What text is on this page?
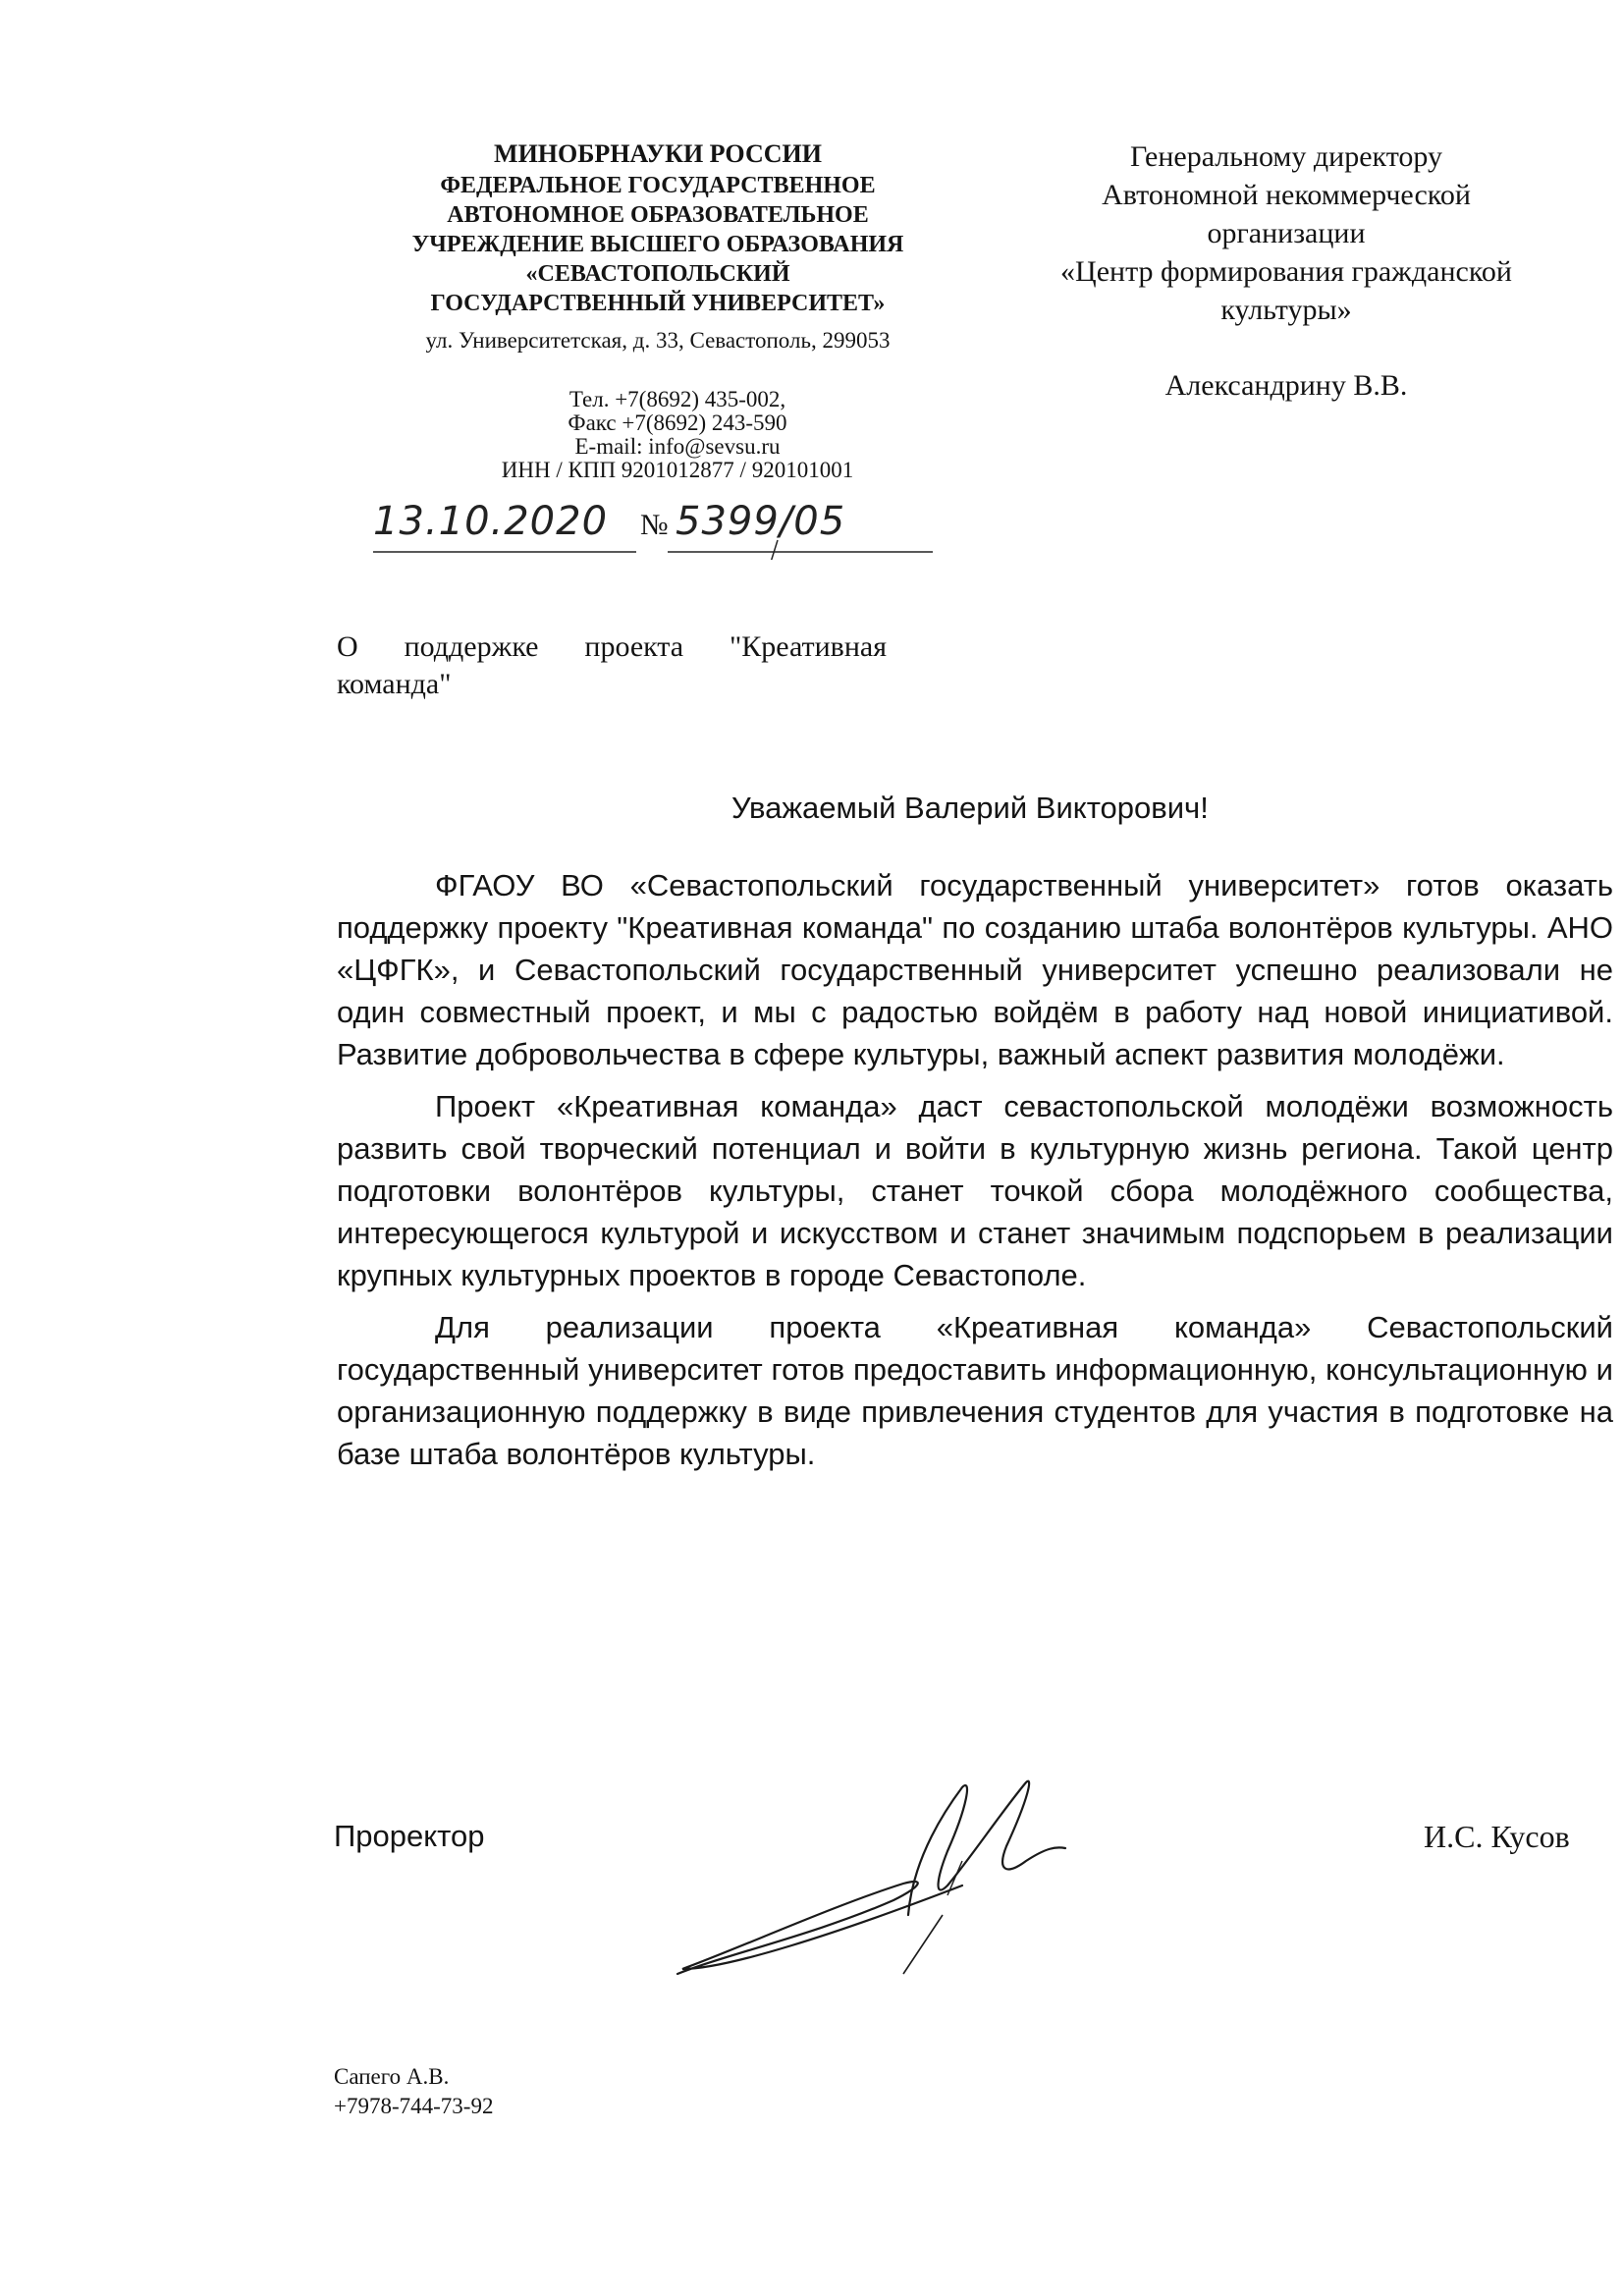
МИНОБРНАУКИ РОССИИ

ФЕДЕРАЛЬНОЕ ГОСУДАРСТВЕННОЕ

АВТОНОМНОЕ ОБРАЗОВАТЕЛЬНОЕ

УЧРЕЖДЕНИЕ ВЫСШЕГО ОБРАЗОВАНИЯ

«СЕВАСТОПОЛЬСКИЙ

ГОСУДАРСТВЕННЫЙ УНИВЕРСИТЕТ»

ул. Университетская, д. 33, Севастополь, 299053
Тел. +7(8692) 435-002,
Факс +7(8692) 243-590
E-mail: info@sevsu.ru
ИНН / КПП 9201012877 / 920101001
13.10.2020 № 5399/05
Генеральному директору
Автономной некоммерческой
организации
«Центр формирования гражданской
культуры»
Александрину В.В.
О поддержке проекта "Креативная команда"
Уважаемый Валерий Викторович!

ФГАОУ ВО «Севастопольский государственный университет» готов оказать поддержку проекту "Креативная команда" по созданию штаба волонтёров культуры. АНО «ЦФГК», и Севастопольский государственный университет успешно реализовали не один совместный проект, и мы с радостью войдём в работу над новой инициативой. Развитие добровольчества в сфере культуры, важный аспект развития молодёжи.

Проект «Креативная команда» даст севастопольской молодёжи возможность развить свой творческий потенциал и войти в культурную жизнь региона. Такой центр подготовки волонтёров культуры, станет точкой сбора молодёжного сообщества, интересующегося культурой и искусством и станет значимым подспорьем в реализации крупных культурных проектов в городе Севастополе.

Для реализации проекта «Креативная команда» Севастопольский государственный университет готов предоставить информационную, консультационную и организационную поддержку в виде привлечения студентов для участия в подготовке на базе штаба волонтёров культуры.

Проректор	И.С. Кусов
Сапего А.В.
+7978-744-73-92
